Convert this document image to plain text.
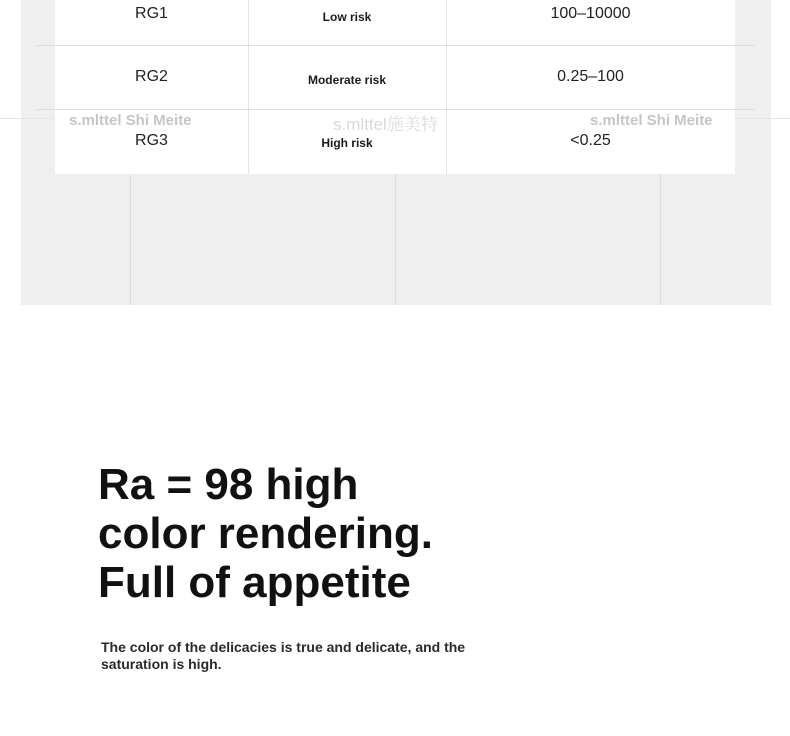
RG1	Low risk	100–10000
RG2	Moderate risk	0.25–100
RG3	High risk	<0.25
s.mlttel Shi Meite	s.mlttel施美特	s.mlttel Shi Meite
Ra = 98 high
color rendering.
Full of appetite
The color of the delicacies is true and delicate, and the saturation is high.
